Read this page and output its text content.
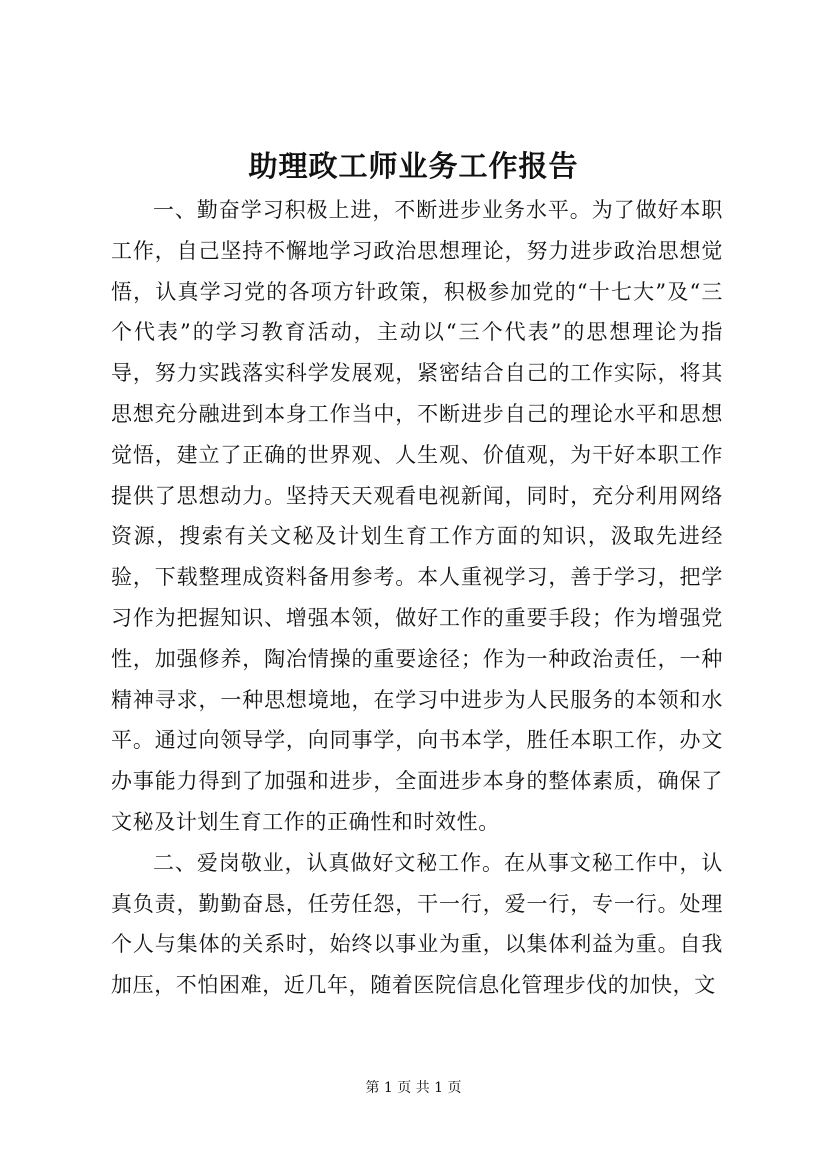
助理政工师业务工作报告

一、勤奋学习积极上进，不断进步业务水平。为了做好本职工作，自己坚持不懈地学习政治思想理论，努力进步政治思想觉悟，认真学习党的各项方针政策，积极参加党的“十七大”及“三个代表”的学习教育活动，主动以“三个代表”的思想理论为指导，努力实践落实科学发展观，紧密结合自己的工作实际，将其思想充分融进到本身工作当中，不断进步自己的理论水平和思想觉悟，建立了正确的世界观、人生观、价值观，为干好本职工作提供了思想动力。坚持天天观看电视新闻，同时，充分利用网络资源，搜索有关文秘及计划生育工作方面的知识，汲取先进经验，下载整理成资料备用参考。本人重视学习，善于学习，把学习作为把握知识、增强本领，做好工作的重要手段；作为增强党性，加强修养，陶冶情操的重要途径；作为一种政治责任，一种精神寻求，一种思想境地，在学习中进步为人民服务的本领和水平。通过向领导学，向同事学，向书本学，胜任本职工作，办文办事能力得到了加强和进步，全面进步本身的整体素质，确保了文秘及计划生育工作的正确性和时效性。

二、爱岗敬业，认真做好文秘工作。在从事文秘工作中，认真负责，勤勤奋恳，任劳任怨，干一行，爱一行，专一行。处理个人与集体的关系时，始终以事业为重，以集体利益为重。自我加压，不怕困难，近几年，随着医院信息化管理步伐的加快，文

第 1 页 共 1 页
